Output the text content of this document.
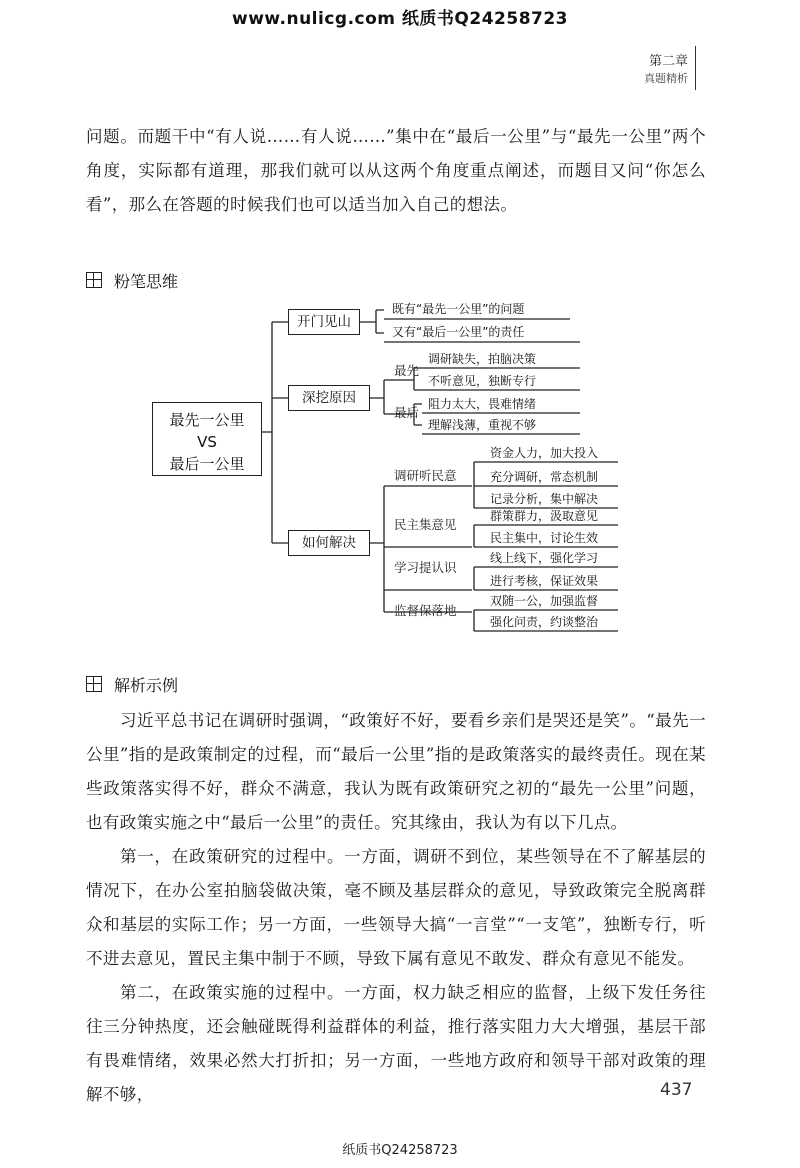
www.nulicg.com 纸质书Q24258723
第二章
真题精析
问题。而题干中“有人说……有人说……”集中在“最后一公里”与“最先一公里”两个角度，实际都有道理，那我们就可以从这两个角度重点阐述，而题目又问“你怎么看”，那么在答题的时候我们也可以适当加入自己的想法。
粉笔思维
最先一公里
VS
最后一公里
开门见山
深挖原因
如何解决
既有“最先一公里”的问题
又有“最后一公里”的责任
最先
最后
调研缺失，拍脑决策
不听意见，独断专行
阻力太大，畏难情绪
理解浅薄，重视不够
调研听民意
民主集意见
学习提认识
监督保落地
资金人力，加大投入
充分调研，常态机制
记录分析，集中解决
群策群力，汲取意见
民主集中，讨论生效
线上线下，强化学习
进行考核，保证效果
双随一公，加强监督
强化问责，约谈整治
解析示例
习近平总书记在调研时强调，“政策好不好，要看乡亲们是哭还是笑”。“最先一公里”指的是政策制定的过程，而“最后一公里”指的是政策落实的最终责任。现在某些政策落实得不好，群众不满意，我认为既有政策研究之初的“最先一公里”问题，也有政策实施之中“最后一公里”的责任。究其缘由，我认为有以下几点。
第一，在政策研究的过程中。一方面，调研不到位，某些领导在不了解基层的情况下，在办公室拍脑袋做决策，毫不顾及基层群众的意见，导致政策完全脱离群众和基层的实际工作；另一方面，一些领导大搞“一言堂”“一支笔”，独断专行，听不进去意见，置民主集中制于不顾，导致下属有意见不敢发、群众有意见不能发。
第二，在政策实施的过程中。一方面，权力缺乏相应的监督，上级下发任务往往三分钟热度，还会触碰既得利益群体的利益，推行落实阻力大大增强，基层干部有畏难情绪，效果必然大打折扣；另一方面，一些地方政府和领导干部对政策的理解不够，	437
纸质书Q24258723
